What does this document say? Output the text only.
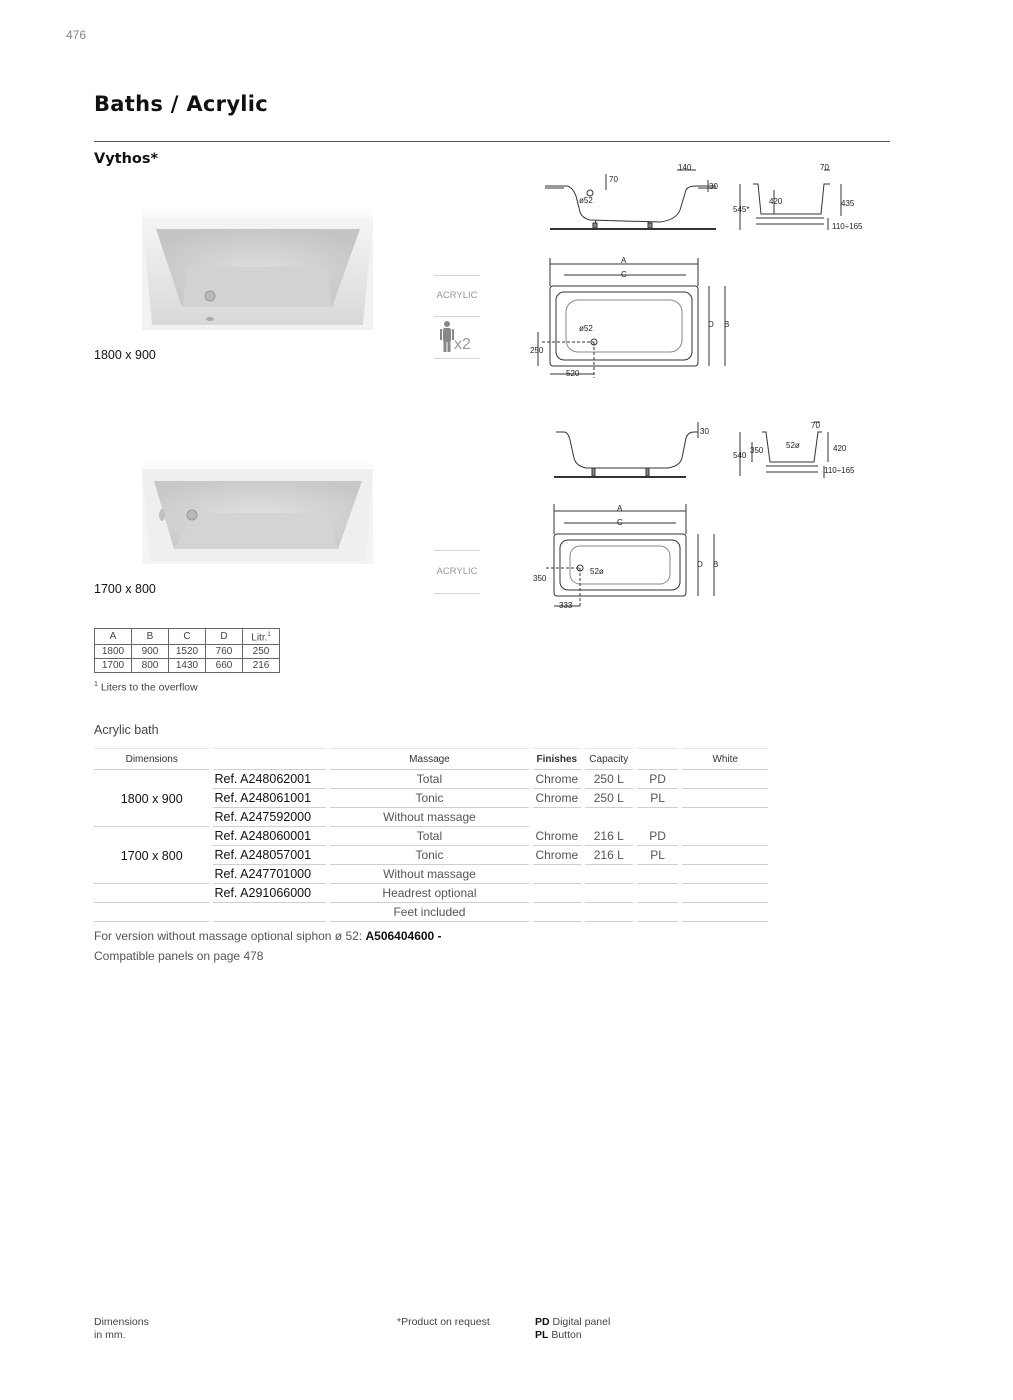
476
Baths / Acrylic
Vythos*
1800 x 900
ACRYLIC
x2
70
ø52
140
30
70
545*
420	435
110÷165
A
C
D B
ø52
250
520
1700 x 800
ACRYLIC
30
70
540
350
52ø	420
110÷165
A
C
D B
52ø
350
333
A	B	C	D	Litr.$^1$
1800	900	1520	760	250
1700	800	1430	660	216
$^1$ Liters to the overflow
Acrylic bath
Dimensions		Massage	Finishes	Capacity		White
	Ref. A248062001	Total	Chrome	250 L	PD	
1800 x 900	Ref. A248061001	Tonic	Chrome	250 L	PL	
	Ref. A247592000	Without massage				
	Ref. A248060001	Total	Chrome	216 L	PD	
1700 x 800	Ref. A248057001	Tonic	Chrome	216 L	PL	
	Ref. A247701000	Without massage				
	Ref. A291066000	Headrest optional				
		Feet included				
For version without massage optional siphon ø 52: A506404600 -
Compatible panels on page 478
Dimensions
in mm.
*Product on request	PD Digital panel
PL Button
